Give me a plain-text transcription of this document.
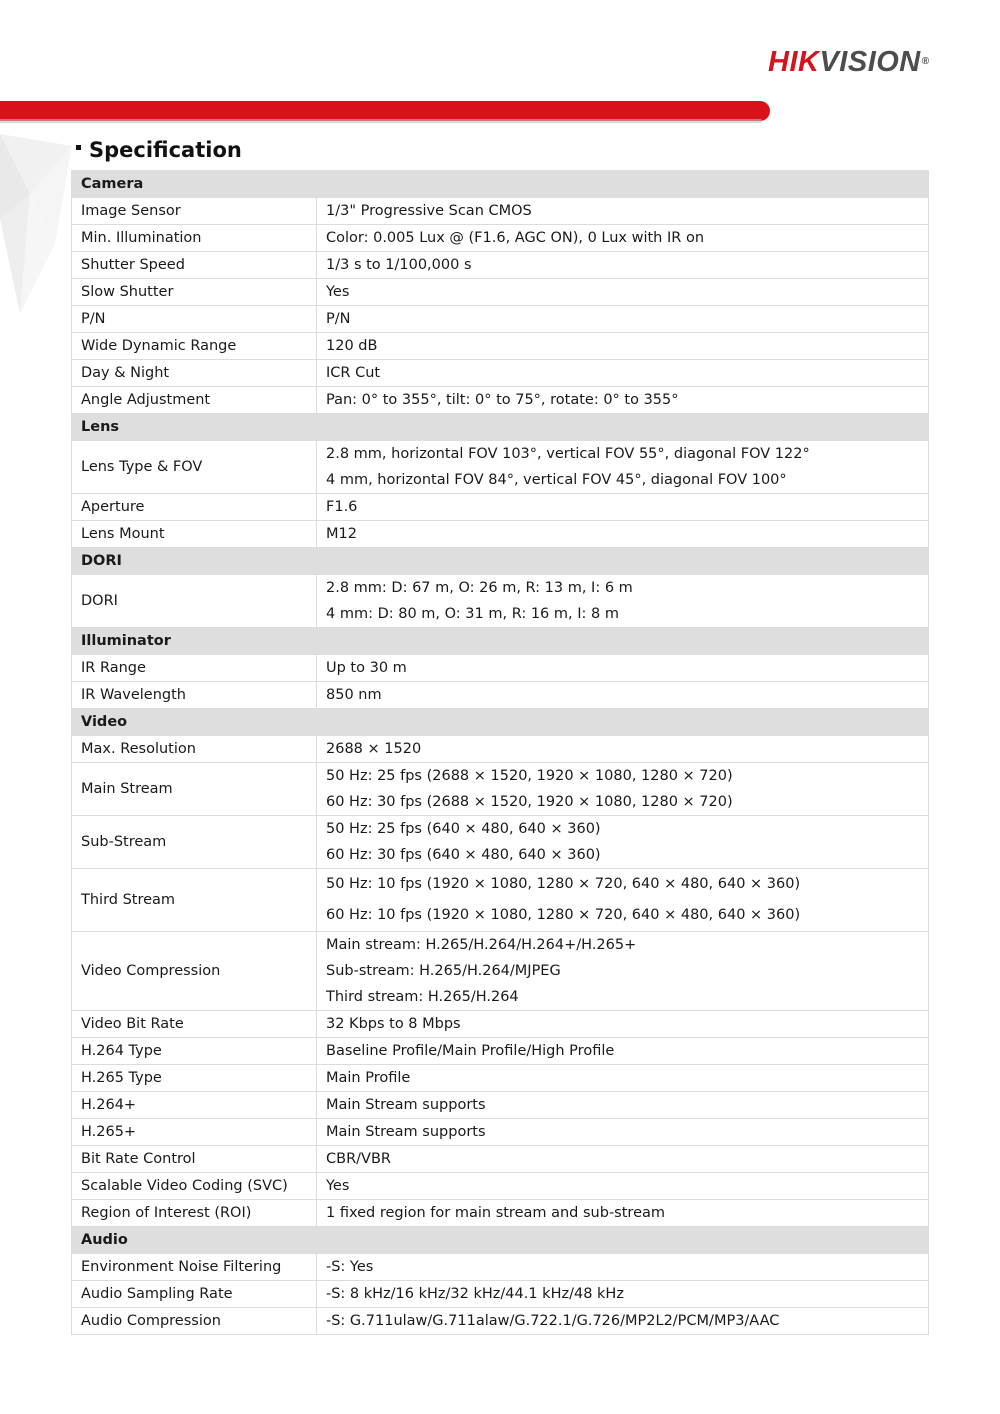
HIKVISION®
Specification
Camera	
Image Sensor	1/3" Progressive Scan CMOS

Min. Illumination	Color: 0.005 Lux @ (F1.6, AGC ON), 0 Lux with IR on

Shutter Speed	1/3 s to 1/100,000 s

Slow Shutter	Yes

P/N	P/N

Wide Dynamic Range	120 dB

Day & Night	ICR Cut

Angle Adjustment	Pan: 0° to 355°, tilt: 0° to 75°, rotate: 0° to 355°

Lens	
Lens Type & FOV	2.8 mm, horizontal FOV 103°, vertical FOV 55°, diagonal FOV 122°
4 mm, horizontal FOV 84°, vertical FOV 45°, diagonal FOV 100°

Aperture	F1.6

Lens Mount	M12

DORI	
DORI	2.8 mm: D: 67 m, O: 26 m, R: 13 m, I: 6 m
4 mm: D: 80 m, O: 31 m, R: 16 m, I: 8 m

Illuminator	
IR Range	Up to 30 m

IR Wavelength	850 nm

Video	
Max. Resolution	2688 × 1520

Main Stream	50 Hz: 25 fps (2688 × 1520, 1920 × 1080, 1280 × 720)
60 Hz: 30 fps (2688 × 1520, 1920 × 1080, 1280 × 720)

Sub-Stream	50 Hz: 25 fps (640 × 480, 640 × 360)
60 Hz: 30 fps (640 × 480, 640 × 360)

Third Stream	50 Hz: 10 fps (1920 × 1080, 1280 × 720, 640 × 480, 640 × 360)
60 Hz: 10 fps (1920 × 1080, 1280 × 720, 640 × 480, 640 × 360)

Video Compression	Main stream: H.265/H.264/H.264+/H.265+
Sub-stream: H.265/H.264/MJPEG
Third stream: H.265/H.264

Video Bit Rate	32 Kbps to 8 Mbps

H.264 Type	Baseline Profile/Main Profile/High Profile

H.265 Type	Main Profile

H.264+	Main Stream supports

H.265+	Main Stream supports

Bit Rate Control	CBR/VBR

Scalable Video Coding (SVC)	Yes

Region of Interest (ROI)	1 fixed region for main stream and sub-stream

Audio	
Environment Noise Filtering	-S: Yes

Audio Sampling Rate	-S: 8 kHz/16 kHz/32 kHz/44.1 kHz/48 kHz

Audio Compression	-S: G.711ulaw/G.711alaw/G.722.1/G.726/MP2L2/PCM/MP3/AAC
